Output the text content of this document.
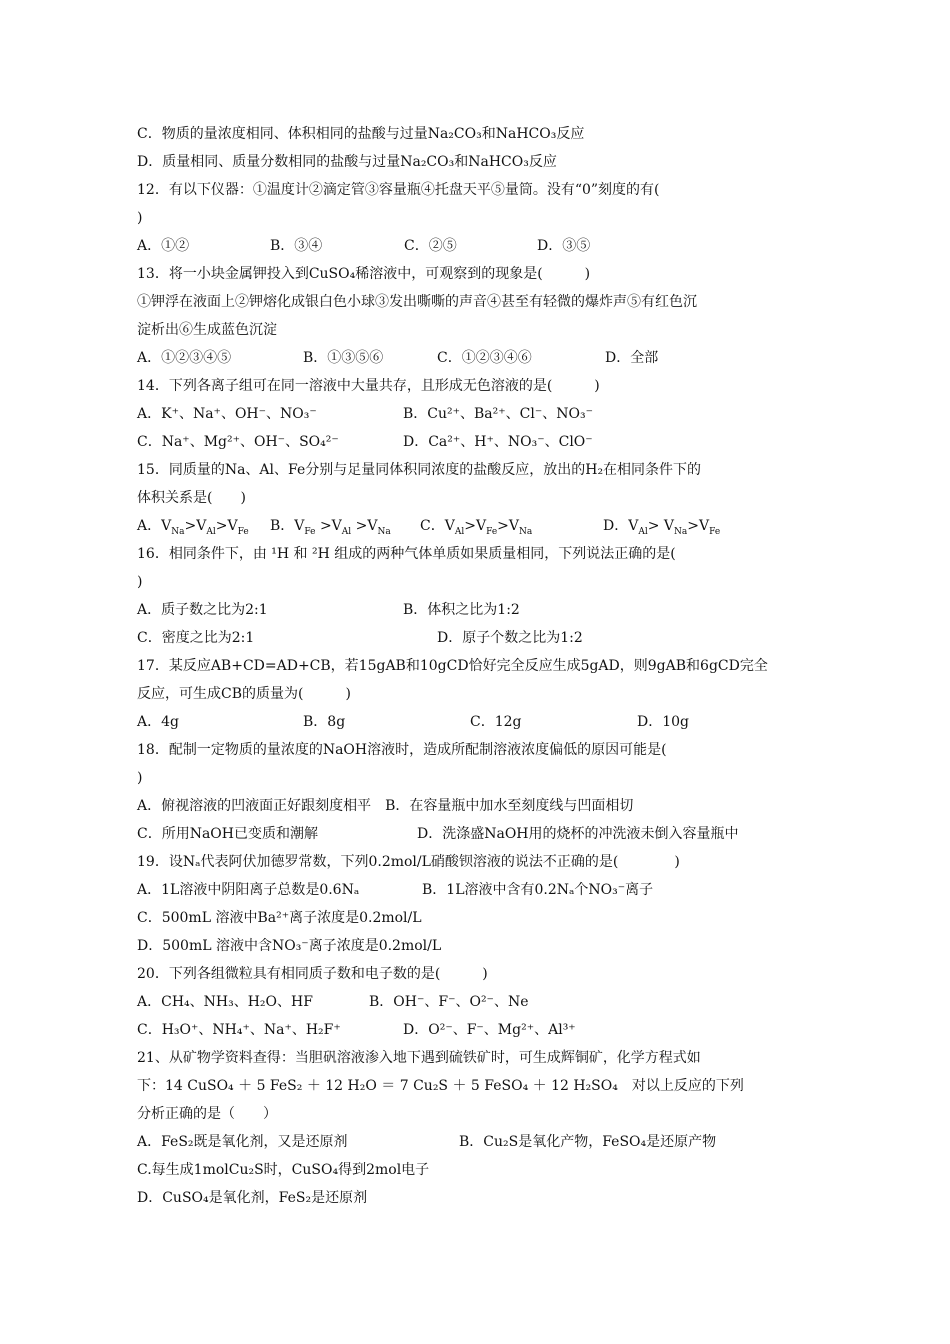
C．物质的量浓度相同、体积相同的盐酸与过量Na₂CO₃和NaHCO₃反应
D．质量相同、质量分数相同的盐酸与过量Na₂CO₃和NaHCO₃反应
12．有以下仪器：①温度计②滴定管③容量瓶④托盘天平⑤量筒。没有“0”刻度的有(
)
A．①②	B．③④	C．②⑤	D．③⑤
13．将一小块金属钾投入到CuSO₄稀溶液中，可观察到的现象是(　　　)
①钾浮在液面上②钾熔化成银白色小球③发出嘶嘶的声音④甚至有轻微的爆炸声⑤有红色沉
淀析出⑥生成蓝色沉淀
A．①②③④⑤	B．①③⑤⑥	C．①②③④⑥	D．全部
14．下列各离子组可在同一溶液中大量共存，且形成无色溶液的是(　　　)
A．K⁺、Na⁺、OH⁻、NO₃⁻	B．Cu²⁺、Ba²⁺、Cl⁻、NO₃⁻
C．Na⁺、Mg²⁺、OH⁻、SO₄²⁻	D．Ca²⁺、H⁺、NO₃⁻、ClO⁻
15．同质量的Na、Al、Fe分别与足量同体积同浓度的盐酸反应，放出的H₂在相同条件下的
体积关系是(　　)
A．$V_{Na}>V_{Al}>V_{Fe}$ B．$V_{Fe} >V_{Al} >V_{Na}$ C．$V_{Al}>V_{Fe}>V_{Na}$	D．$V_{Al}> V_{Na}>V_{Fe}$
16．相同条件下，由 ¹H 和 ²H 组成的两种气体单质如果质量相同，下列说法正确的是(
)
A．质子数之比为2:1	B．体积之比为1:2
C．密度之比为2:1	D．原子个数之比为1:2
17．某反应AB+CD=AD+CB，若15gAB和10gCD恰好完全反应生成5gAD，则9gAB和6gCD完全
反应，可生成CB的质量为(　　　)
A．4g	B．8g	C．12g	D．10g
18．配制一定物质的量浓度的NaOH溶液时，造成所配制溶液浓度偏低的原因可能是(
)
A．俯视溶液的凹液面正好跟刻度相平　B．在容量瓶中加水至刻度线与凹面相切
C．所用NaOH已变质和潮解	D．洗涤盛NaOH用的烧杯的冲洗液未倒入容量瓶中
19．设Nₐ代表阿伏加德罗常数，下列0.2mol/L硝酸钡溶液的说法不正确的是(　　　　)
A．1L溶液中阴阳离子总数是0.6Nₐ	B．1L溶液中含有0.2Nₐ个NO₃⁻离子
C．500mL 溶液中Ba²⁺离子浓度是0.2mol/L
D．500mL 溶液中含NO₃⁻离子浓度是0.2mol/L
20．下列各组微粒具有相同质子数和电子数的是(　　　)
A．CH₄、NH₃、H₂O、HF	B．OH⁻、F⁻、O²⁻、Ne
C．H₃O⁺、NH₄⁺、Na⁺、H₂F⁺	D．O²⁻、F⁻、Mg²⁺、Al³⁺
21、从矿物学资料查得：当胆矾溶液渗入地下遇到硫铁矿时，可生成辉铜矿，化学方程式如
下：14 CuSO₄ ＋ 5 FeS₂ ＋ 12 H₂O ＝ 7 Cu₂S ＋ 5 FeSO₄ ＋ 12 H₂SO₄　对以上反应的下列
分析正确的是（　　）
A．FeS₂既是氧化剂，又是还原剂	B．Cu₂S是氧化产物，FeSO₄是还原产物
C.每生成1molCu₂S时，CuSO₄得到2mol电子
D．CuSO₄是氧化剂，FeS₂是还原剂
